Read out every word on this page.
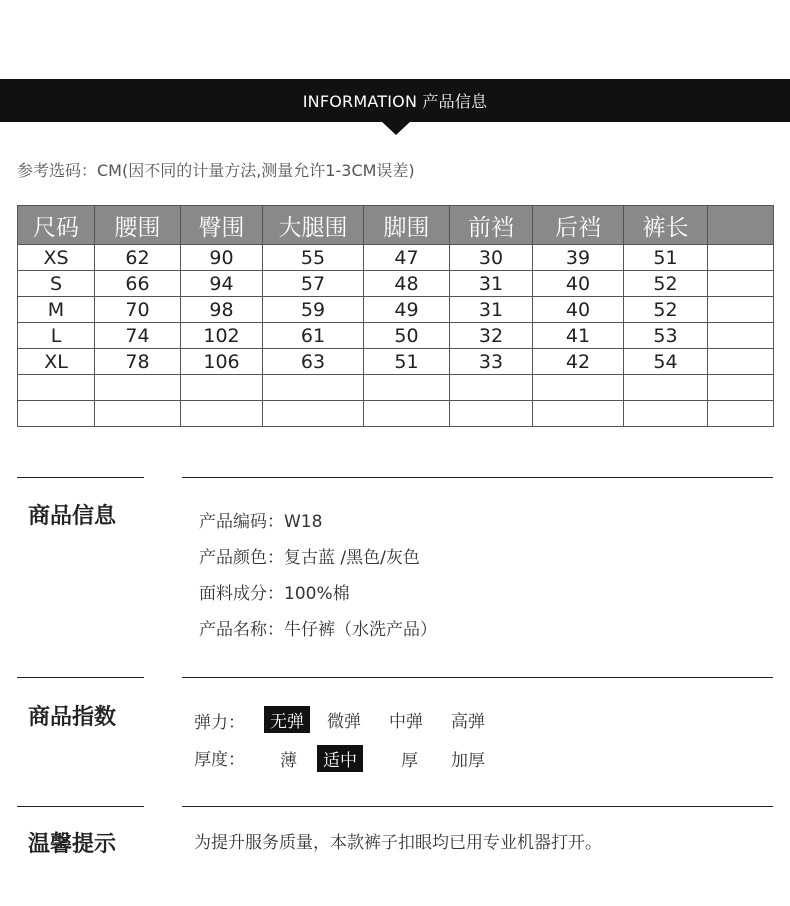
INFORMATION 产品信息
参考选码：CM(因不同的计量方法,测量允许1-3CM误差)
尺码	腰围	臀围	大腿围	脚围	前裆	后裆	裤长	
XS	62	90	55	47	30	39	51	
S	66	94	57	48	31	40	52	
M	70	98	59	49	31	40	52	
L	74	102	61	50	32	41	53	
XL	78	106	63	51	33	42	54	

商品信息	产品编码：W18
产品颜色：复古蓝 /黑色/灰色
面料成分：100%棉
产品名称：牛仔裤（水洗产品）
商品指数	弹力：	无弹	微弹 中弹 高弹
厚度： 薄	适中	厚 加厚
温馨提示	为提升服务质量，本款裤子扣眼均已用专业机器打开。
